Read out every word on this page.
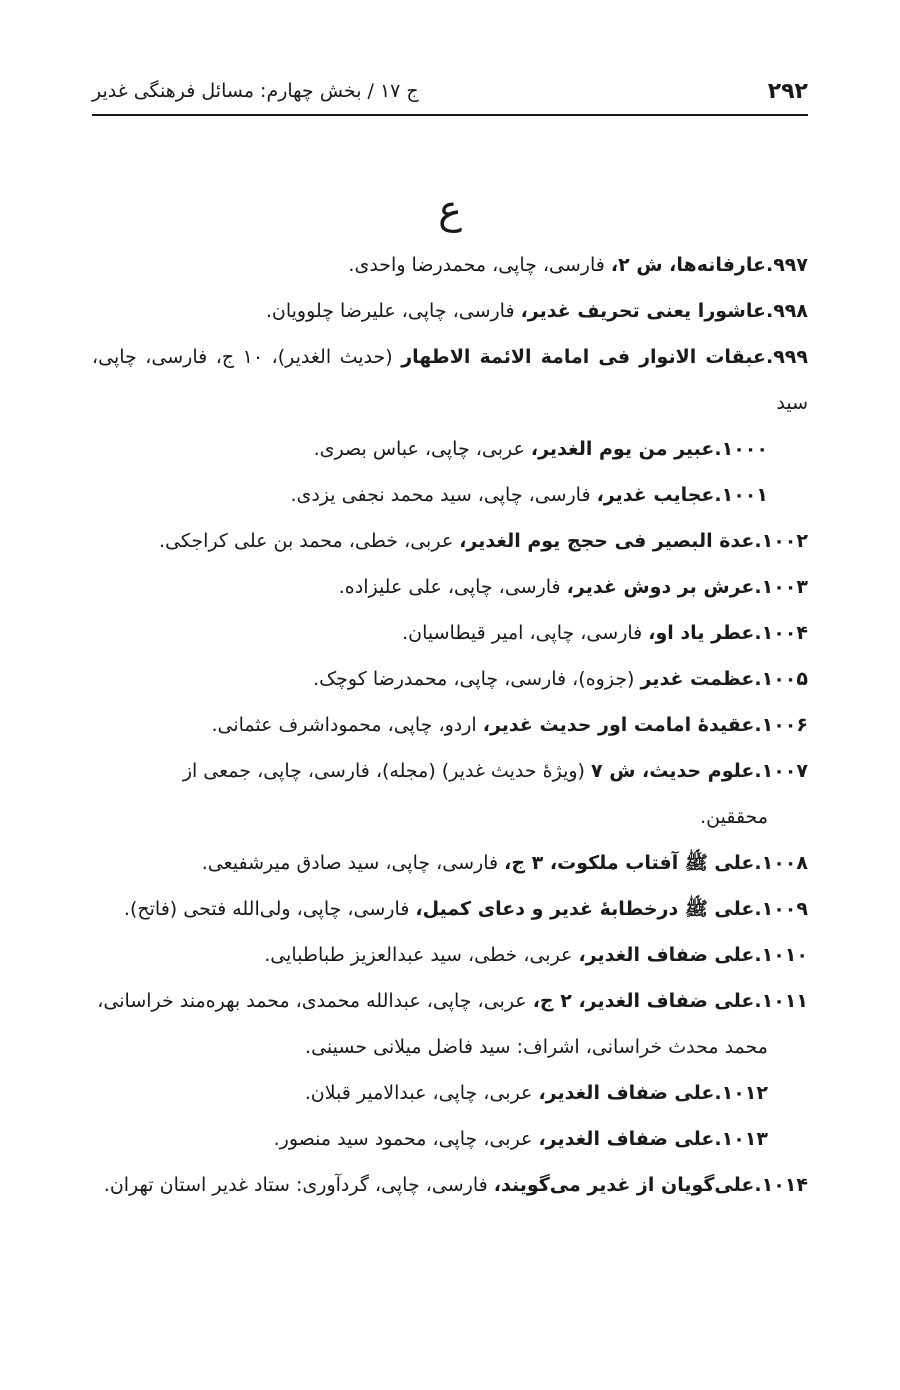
۲۹۲
ج ۱۷ / بخش چهارم: مسائل فرهنگی غدیر
ع
۹۹۷.عارفانه‌ها، ش ۲، فارسی، چاپی، محمدرضا واحدی.
۹۹۸.عاشورا یعنی تحریف غدیر، فارسی، چاپی، علیرضا چلوویان.
۹۹۹.عبقات الانوار فی امامة الائمة الاطهار (حدیث الغدیر)، ۱۰ ج، فارسی، چاپی، سید
۱۰۰۰.عبیر من یوم الغدیر، عربی، چاپی، عباس بصری.
۱۰۰۱.عجایب غدیر، فارسی، چاپی، سید محمد نجفی یزدی.
۱۰۰۲.عدة البصیر فی حجج یوم الغدیر، عربی، خطی، محمد بن علی کراجکی.
۱۰۰۳.عرش بر دوش غدیر، فارسی، چاپی، علی علیزاده.
۱۰۰۴.عطر یاد او، فارسی، چاپی، امیر قیطاسیان.
۱۰۰۵.عظمت غدیر (جزوه)، فارسی، چاپی، محمدرضا کوچک.
۱۰۰۶.عقیدۀ امامت اور حدیث غدیر، اردو، چاپی، محموداشرف عثمانی.
۱۰۰۷.علوم حدیث، ش ۷ (ویژۀ حدیث غدیر) (مجله)، فارسی، چاپی، جمعی از
محققین.
۱۰۰۸.علی ﷺ آفتاب ملکوت، ۳ ج، فارسی، چاپی، سید صادق میرشفیعی.
۱۰۰۹.علی ﷺ درخطابۀ غدیر و دعای کمیل، فارسی، چاپی، ولی‌الله فتحی (فاتح).
۱۰۱۰.علی ضفاف الغدیر، عربی، خطی، سید عبدالعزیز طباطبایی.
۱۰۱۱.علی ضفاف الغدیر، ۲ ج، عربی، چاپی، عبدالله محمدی، محمد بهره‌مند خراسانی،
محمد محدث خراسانی، اشراف: سید فاضل میلانی حسینی.
۱۰۱۲.علی ضفاف الغدیر، عربی، چاپی، عبدالامیر قبلان.
۱۰۱۳.علی ضفاف الغدیر، عربی، چاپی، محمود سید منصور.
۱۰۱۴.علی‌گویان از غدیر می‌گویند، فارسی، چاپی، گردآوری: ستاد غدیر استان تهران.
